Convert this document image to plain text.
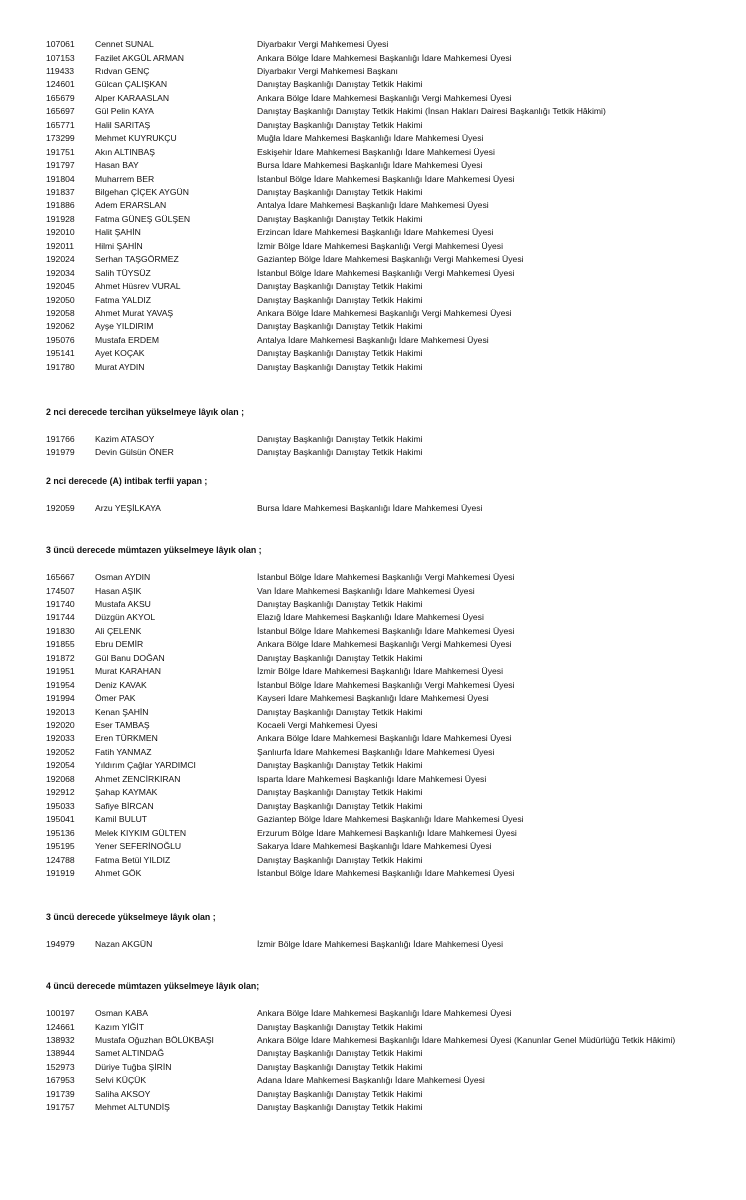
107061 Cennet SUNAL	Diyarbakır Vergi Mahkemesi Üyesi
107153 Fazilet AKGÜL ARMAN	Ankara Bölge İdare Mahkemesi Başkanlığı İdare Mahkemesi Üyesi
119433 Rıdvan GENÇ	Diyarbakır Vergi Mahkemesi Başkanı
124601 Gülcan ÇALIŞKAN	Danıştay Başkanlığı Danıştay Tetkik Hakimi
165679 Alper KARAASLAN	Ankara Bölge İdare Mahkemesi Başkanlığı Vergi Mahkemesi Üyesi
165697 Gül Pelin KAYA	Danıştay Başkanlığı Danıştay Tetkik Hakimi (İnsan Hakları Dairesi Başkanlığı Tetkik Hâkimi)
165771 Halil SARITAŞ	Danıştay Başkanlığı Danıştay Tetkik Hakimi
173299 Mehmet KUYRUKÇU	Muğla İdare Mahkemesi Başkanlığı İdare Mahkemesi Üyesi
191751 Akın ALTINBAŞ	Eskişehir İdare Mahkemesi Başkanlığı İdare Mahkemesi Üyesi
191797 Hasan BAY	Bursa İdare Mahkemesi Başkanlığı İdare Mahkemesi Üyesi
191804 Muharrem BER	İstanbul Bölge İdare Mahkemesi Başkanlığı İdare Mahkemesi Üyesi
191837 Bilgehan ÇİÇEK AYGÜN	Danıştay Başkanlığı Danıştay Tetkik Hakimi
191886 Adem ERARSLAN	Antalya İdare Mahkemesi Başkanlığı İdare Mahkemesi Üyesi
191928 Fatma GÜNEŞ GÜLŞEN	Danıştay Başkanlığı Danıştay Tetkik Hakimi
192010 Halit ŞAHİN	Erzincan İdare Mahkemesi Başkanlığı İdare Mahkemesi Üyesi
192011 Hilmi ŞAHİN	İzmir Bölge İdare Mahkemesi Başkanlığı Vergi Mahkemesi Üyesi
192024 Serhan TAŞGÖRMEZ	Gaziantep Bölge İdare Mahkemesi Başkanlığı Vergi Mahkemesi Üyesi
192034 Salih TÜYSÜZ	İstanbul Bölge İdare Mahkemesi Başkanlığı Vergi Mahkemesi Üyesi
192045 Ahmet Hüsrev VURAL	Danıştay Başkanlığı Danıştay Tetkik Hakimi
192050 Fatma YALDIZ	Danıştay Başkanlığı Danıştay Tetkik Hakimi
192058 Ahmet Murat YAVAŞ	Ankara Bölge İdare Mahkemesi Başkanlığı Vergi Mahkemesi Üyesi
192062 Ayşe YILDIRIM	Danıştay Başkanlığı Danıştay Tetkik Hakimi
195076 Mustafa ERDEM	Antalya İdare Mahkemesi Başkanlığı İdare Mahkemesi Üyesi
195141 Ayet KOÇAK	Danıştay Başkanlığı Danıştay Tetkik Hakimi
191780 Murat AYDIN	Danıştay Başkanlığı Danıştay Tetkik Hakimi
2 nci derecede tercihan yükselmeye lâyık olan ;
191766 Kazim ATASOY	Danıştay Başkanlığı Danıştay Tetkik Hakimi
191979 Devin Gülsün ÖNER	Danıştay Başkanlığı Danıştay Tetkik Hakimi
2 nci derecede (A) intibak terfii yapan ;
192059 Arzu YEŞİLKAYA	Bursa İdare Mahkemesi Başkanlığı İdare Mahkemesi Üyesi
3 üncü derecede mümtazen yükselmeye lâyık olan ;
165667 Osman AYDIN	İstanbul Bölge İdare Mahkemesi Başkanlığı Vergi Mahkemesi Üyesi
174507 Hasan AŞIK	Van İdare Mahkemesi Başkanlığı İdare Mahkemesi Üyesi
191740 Mustafa AKSU	Danıştay Başkanlığı Danıştay Tetkik Hakimi
191744 Düzgün AKYOL	Elazığ İdare Mahkemesi Başkanlığı İdare Mahkemesi Üyesi
191830 Ali ÇELENK	İstanbul Bölge İdare Mahkemesi Başkanlığı İdare Mahkemesi Üyesi
191855 Ebru DEMİR	Ankara Bölge İdare Mahkemesi Başkanlığı Vergi Mahkemesi Üyesi
191872 Gül Banu DOĞAN	Danıştay Başkanlığı Danıştay Tetkik Hakimi
191951 Murat KARAHAN	İzmir Bölge İdare Mahkemesi Başkanlığı İdare Mahkemesi Üyesi
191954 Deniz KAVAK	İstanbul Bölge İdare Mahkemesi Başkanlığı Vergi Mahkemesi Üyesi
191994 Ömer PAK	Kayseri İdare Mahkemesi Başkanlığı İdare Mahkemesi Üyesi
192013 Kenan ŞAHİN	Danıştay Başkanlığı Danıştay Tetkik Hakimi
192020 Eser TAMBAŞ	Kocaeli Vergi Mahkemesi Üyesi
192033 Eren TÜRKMEN	Ankara Bölge İdare Mahkemesi Başkanlığı İdare Mahkemesi Üyesi
192052 Fatih YANMAZ	Şanlıurfa İdare Mahkemesi Başkanlığı İdare Mahkemesi Üyesi
192054 Yıldırım Çağlar YARDIMCI	Danıştay Başkanlığı Danıştay Tetkik Hakimi
192068 Ahmet ZENCİRKIRAN	Isparta İdare Mahkemesi Başkanlığı İdare Mahkemesi Üyesi
192912 Şahap KAYMAK	Danıştay Başkanlığı Danıştay Tetkik Hakimi
195033 Safiye BİRCAN	Danıştay Başkanlığı Danıştay Tetkik Hakimi
195041 Kamil BULUT	Gaziantep Bölge İdare Mahkemesi Başkanlığı İdare Mahkemesi Üyesi
195136 Melek KIYKIM GÜLTEN	Erzurum Bölge İdare Mahkemesi Başkanlığı İdare Mahkemesi Üyesi
195195 Yener SEFERİNOĞLU	Sakarya İdare Mahkemesi Başkanlığı İdare Mahkemesi Üyesi
124788 Fatma Betül YILDIZ	Danıştay Başkanlığı Danıştay Tetkik Hakimi
191919 Ahmet GÖK	İstanbul Bölge İdare Mahkemesi Başkanlığı İdare Mahkemesi Üyesi
3 üncü derecede yükselmeye lâyık olan ;
194979 Nazan AKGÜN	İzmir Bölge İdare Mahkemesi Başkanlığı İdare Mahkemesi Üyesi
4 üncü derecede mümtazen yükselmeye lâyık olan;
100197 Osman KABA	Ankara Bölge İdare Mahkemesi Başkanlığı İdare Mahkemesi Üyesi
124661 Kazım YİĞİT	Danıştay Başkanlığı Danıştay Tetkik Hakimi
138932 Mustafa Oğuzhan BÖLÜKBAŞI	Ankara Bölge İdare Mahkemesi Başkanlığı İdare Mahkemesi Üyesi (Kanunlar Genel Müdürlüğü Tetkik Hâkimi)
138944 Samet ALTINDAĞ	Danıştay Başkanlığı Danıştay Tetkik Hakimi
152973 Düriye Tuğba ŞİRİN	Danıştay Başkanlığı Danıştay Tetkik Hakimi
167953 Selvi KÜÇÜK	Adana İdare Mahkemesi Başkanlığı İdare Mahkemesi Üyesi
191739 Saliha AKSOY	Danıştay Başkanlığı Danıştay Tetkik Hakimi
191757 Mehmet ALTUNDİŞ	Danıştay Başkanlığı Danıştay Tetkik Hakimi
